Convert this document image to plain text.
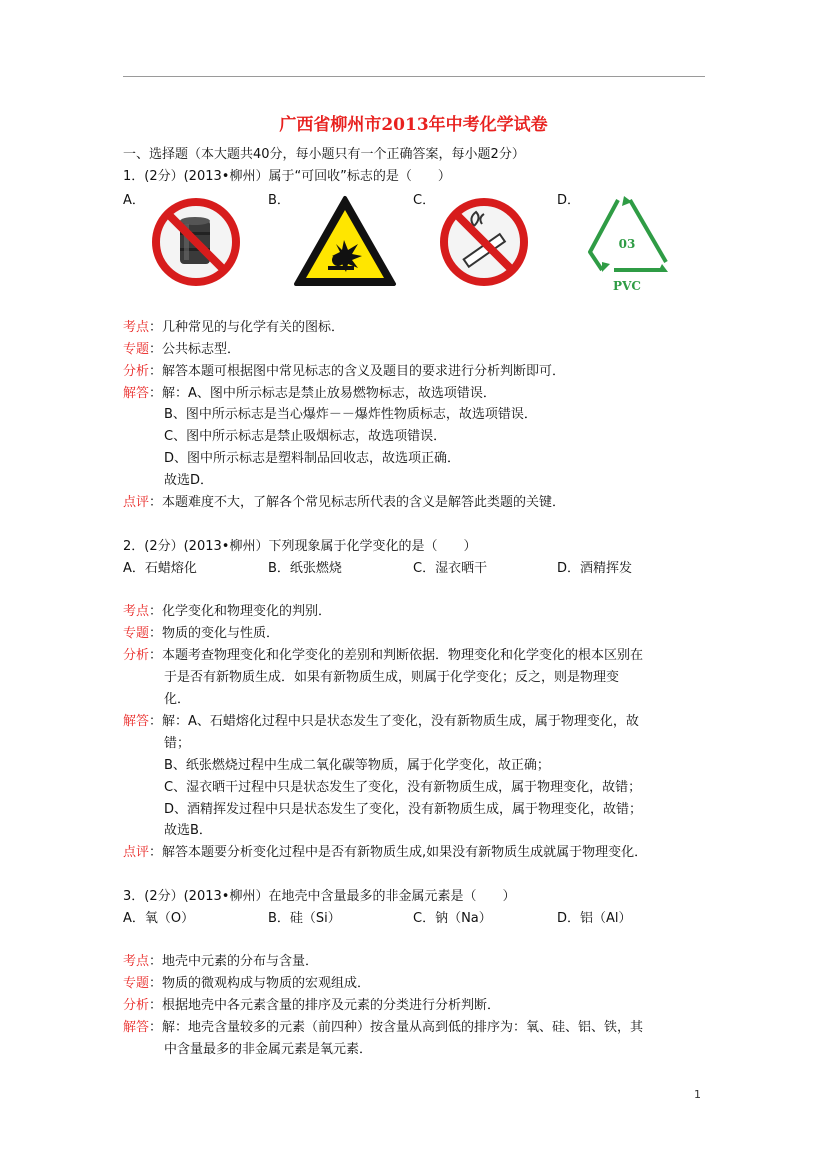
广西省柳州市2013年中考化学试卷
一、选择题（本大题共40分，每小题只有一个正确答案，每小题2分）
1．(2分）(2013•柳州）属于“可回收”标志的是（　　）
A．	B．	C．	D．
03
PVC
考点：几种常见的与化学有关的图标．
专题：公共标志型．
分析：解答本题可根据图中常见标志的含义及题目的要求进行分析判断即可．
解答：解：A、图中所示标志是禁止放易燃物标志，故选项错误．
B、图中所示标志是当心爆炸－－爆炸性物质标志，故选项错误．
C、图中所示标志是禁止吸烟标志，故选项错误．
D、图中所示标志是塑料制品回收志，故选项正确．
故选D．
点评：本题难度不大，了解各个常见标志所代表的含义是解答此类题的关键．
2．(2分）(2013•柳州）下列现象属于化学变化的是（　　）
A．石蜡熔化	B．纸张燃烧	C．湿衣晒干	D．酒精挥发
考点：化学变化和物理变化的判别．
专题：物质的变化与性质．
分析：本题考查物理变化和化学变化的差别和判断依据．物理变化和化学变化的根本区别在
于是否有新物质生成．如果有新物质生成，则属于化学变化；反之，则是物理变
化．
解答：解：A、石蜡熔化过程中只是状态发生了变化，没有新物质生成，属于物理变化，故
错；
B、纸张燃烧过程中生成二氧化碳等物质，属于化学变化，故正确；
C、湿衣晒干过程中只是状态发生了变化，没有新物质生成，属于物理变化，故错；
D、酒精挥发过程中只是状态发生了变化，没有新物质生成，属于物理变化，故错；
故选B．
点评：解答本题要分析变化过程中是否有新物质生成,如果没有新物质生成就属于物理变化．
3．(2分）(2013•柳州）在地壳中含量最多的非金属元素是（　　）
A．氧（O）	B．硅（Si）	C．钠（Na）	D．铝（Al）
考点：地壳中元素的分布与含量．
专题：物质的微观构成与物质的宏观组成．
分析：根据地壳中各元素含量的排序及元素的分类进行分析判断．
解答：解：地壳含量较多的元素（前四种）按含量从高到低的排序为：氧、硅、铝、铁，其
中含量最多的非金属元素是氧元素．
1
